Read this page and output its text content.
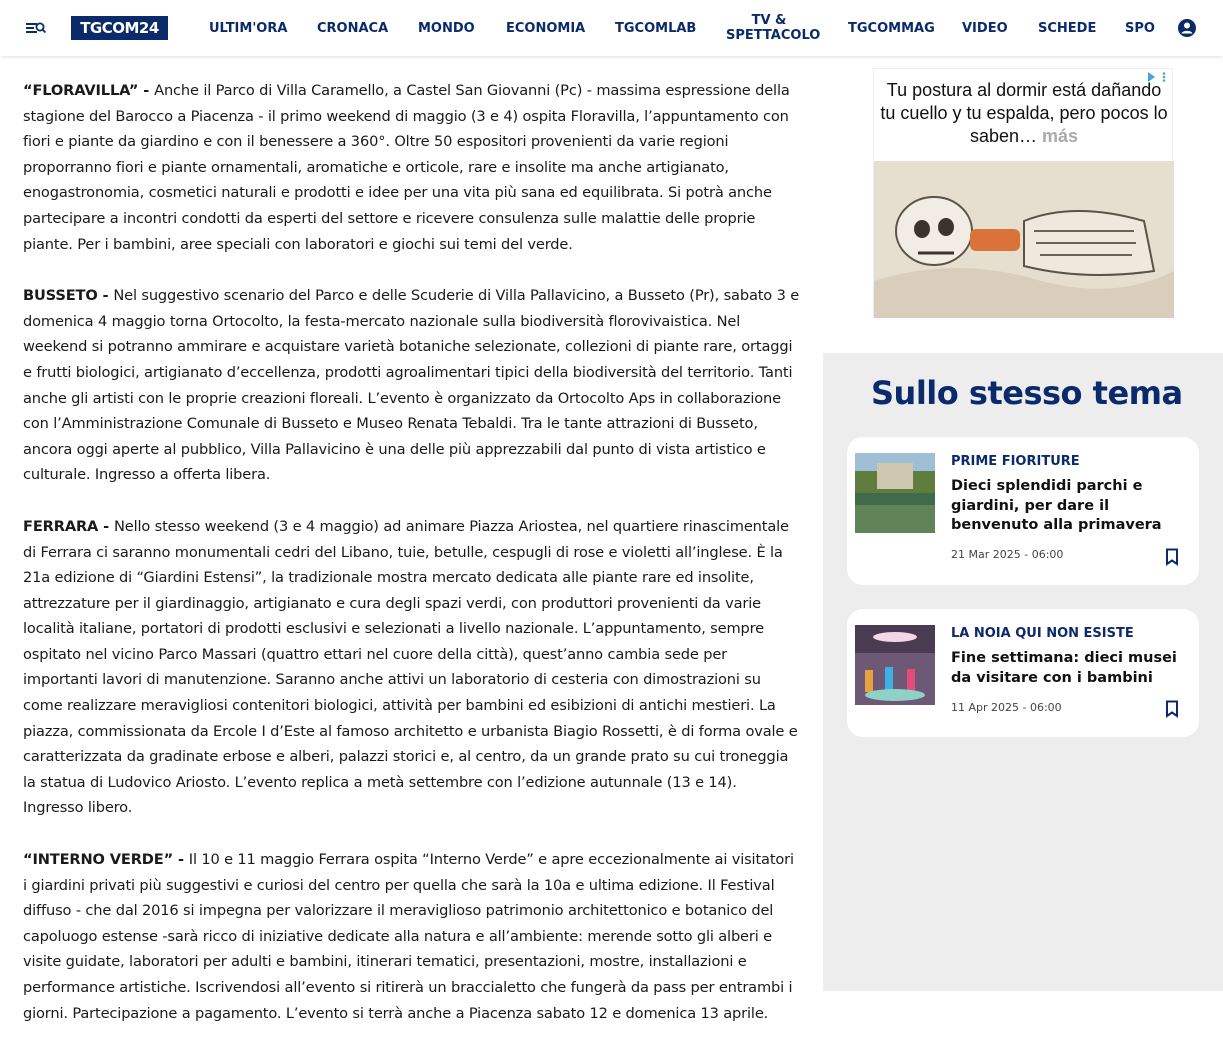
TGCOM24	ULTIM'ORA CRONACA MONDO ECONOMIA TGCOMLAB	TV & SPETTACOLO TGCOMMAG VIDEO SCHEDE SPO

“FLORAVILLA” - Anche il Parco di Villa Caramello, a Castel San Giovanni (Pc) - massima espressione della stagione del Barocco a Piacenza - il primo weekend di maggio (3 e 4) ospita Floravilla, l’appuntamento con fiori e piante da giardino e con il benessere a 360°. Oltre 50 espositori provenienti da varie regioni proporranno fiori e piante ornamentali, aromatiche e orticole, rare e insolite ma anche artigianato, enogastronomia, cosmetici naturali e prodotti e idee per una vita più sana ed equilibrata. Si potrà anche partecipare a incontri condotti da esperti del settore e ricevere consulenza sulle malattie delle proprie piante. Per i bambini, aree speciali con laboratori e giochi sui temi del verde.

BUSSETO - Nel suggestivo scenario del Parco e delle Scuderie di Villa Pallavicino, a Busseto (Pr), sabato 3 e domenica 4 maggio torna Ortocolto, la festa-mercato nazionale sulla biodiversità florovivaistica. Nel weekend si potranno ammirare e acquistare varietà botaniche selezionate, collezioni di piante rare, ortaggi e frutti biologici, artigianato d’eccellenza, prodotti agroalimentari tipici della biodiversità del territorio. Tanti anche gli artisti con le proprie creazioni floreali. L’evento è organizzato da Ortocolto Aps in collaborazione con l’Amministrazione Comunale di Busseto e Museo Renata Tebaldi. Tra le tante attrazioni di Busseto, ancora oggi aperte al pubblico, Villa Pallavicino è una delle più apprezzabili dal punto di vista artistico e culturale. Ingresso a offerta libera.

FERRARA - Nello stesso weekend (3 e 4 maggio) ad animare Piazza Ariostea, nel quartiere rinascimentale di Ferrara ci saranno monumentali cedri del Libano, tuie, betulle, cespugli di rose e violetti all’inglese. È la 21a edizione di “Giardini Estensi”, la tradizionale mostra mercato dedicata alle piante rare ed insolite, attrezzature per il giardinaggio, artigianato e cura degli spazi verdi, con produttori provenienti da varie località italiane, portatori di prodotti esclusivi e selezionati a livello nazionale. L’appuntamento, sempre ospitato nel vicino Parco Massari (quattro ettari nel cuore della città), quest’anno cambia sede per importanti lavori di manutenzione. Saranno anche attivi un laboratorio di cesteria con dimostrazioni su come realizzare meravigliosi contenitori biologici, attività per bambini ed esibizioni di antichi mestieri. La piazza, commissionata da Ercole I d’Este al famoso architetto e urbanista Biagio Rossetti, è di forma ovale e caratterizzata da gradinate erbose e alberi, palazzi storici e, al centro, da un grande prato su cui troneggia la statua di Ludovico Ariosto. L’evento replica a metà settembre con l’edizione autunnale (13 e 14). Ingresso libero.

“INTERNO VERDE” - Il 10 e 11 maggio Ferrara ospita “Interno Verde” e apre eccezionalmente ai visitatori i giardini privati più suggestivi e curiosi del centro per quella che sarà la 10a e ultima edizione. Il Festival diffuso - che dal 2016 si impegna per valorizzare il meraviglioso patrimonio architettonico e botanico del capoluogo estense -sarà ricco di iniziative dedicate alla natura e all’ambiente: merende sotto gli alberi e visite guidate, laboratori per adulti e bambini, itinerari tematici, presentazioni, mostre, installazioni e performance artistiche. Iscrivendosi all’evento si ritirerà un braccialetto che fungerà da pass per entrambi i giorni. Partecipazione a pagamento. L’evento si terrà anche a Piacenza sabato 12 e domenica 13 aprile.

Tu postura al dormir está dañando tu cuello y tu espalda, pero pocos lo saben… más
Sullo stesso tema
PRIME FIORITURE
Dieci splendidi parchi e giardini, per dare il benvenuto alla primavera
21 Mar 2025 - 06:00
LA NOIA QUI NON ESISTE
Fine settimana: dieci musei da visitare con i bambini
11 Apr 2025 - 06:00
